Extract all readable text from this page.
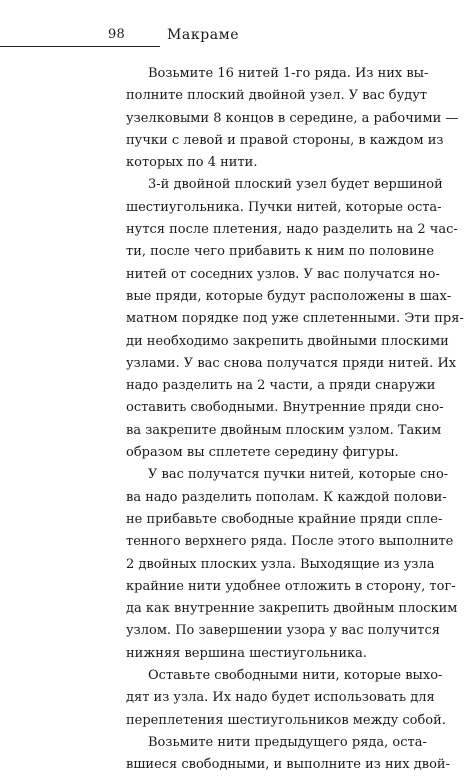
98	Макраме
Возьмите 16 нитей 1-го ряда. Из них вы-
полните плоский двойной узел. У вас будут
узелковыми 8 концов в середине, а рабочими —
пучки с левой и правой стороны, в каждом из
которых по 4 нити.
3-й двойной плоский узел будет вершиной
шестиугольника. Пучки нитей, которые оста-
нутся после плетения, надо разделить на 2 час-
ти, после чего прибавить к ним по половине
нитей от соседних узлов. У вас получатся но-
вые пряди, которые будут расположены в шах-
матном порядке под уже сплетенными. Эти пря-
ди необходимо закрепить двойными плоскими
узлами. У вас снова получатся пряди нитей. Их
надо разделить на 2 части, а пряди снаружи
оставить свободными. Внутренние пряди сно-
ва закрепите двойным плоским узлом. Таким
образом вы сплетете середину фигуры.
У вас получатся пучки нитей, которые сно-
ва надо разделить пополам. К каждой полови-
не прибавьте свободные крайние пряди спле-
тенного верхнего ряда. После этого выполните
2 двойных плоских узла. Выходящие из узла
крайние нити удобнее отложить в сторону, тог-
да как внутренние закрепить двойным плоским
узлом. По завершении узора у вас получится
нижняя вершина шестиугольника.
Оставьте свободными нити, которые выхо-
дят из узла. Их надо будет использовать для
переплетения шестиугольников между собой.
Возьмите нити предыдущего ряда, оста-
вшиеся свободными, и выполните из них двой-
